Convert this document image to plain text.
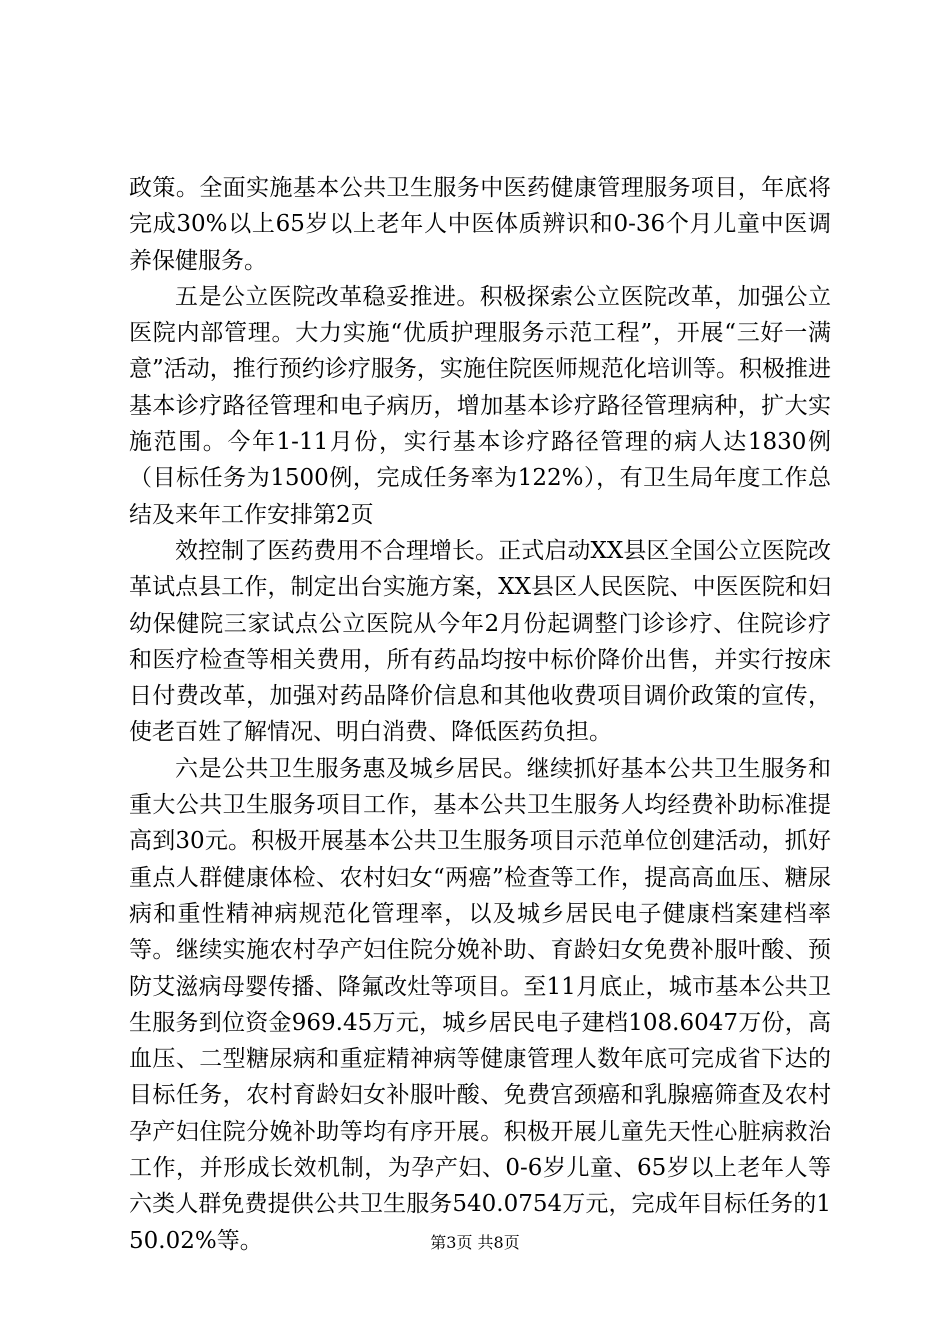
政策。全面实施基本公共卫生服务中医药健康管理服务项目，年底将完成30%以上65岁以上老年人中医体质辨识和0-36个月儿童中医调养保健服务。

五是公立医院改革稳妥推进。积极探索公立医院改革，加强公立医院内部管理。大力实施“优质护理服务示范工程”，开展“三好一满意”活动，推行预约诊疗服务，实施住院医师规范化培训等。积极推进基本诊疗路径管理和电子病历，增加基本诊疗路径管理病种，扩大实施范围。今年1-11月份，实行基本诊疗路径管理的病人达1830例（目标任务为1500例，完成任务率为122%），有卫生局年度工作总结及来年工作安排第2页

效控制了医药费用不合理增长。正式启动XX县区全国公立医院改革试点县工作，制定出台实施方案，XX县区人民医院、中医医院和妇幼保健院三家试点公立医院从今年2月份起调整门诊诊疗、住院诊疗和医疗检查等相关费用，所有药品均按中标价降价出售，并实行按床日付费改革，加强对药品降价信息和其他收费项目调价政策的宣传，使老百姓了解情况、明白消费、降低医药负担。

六是公共卫生服务惠及城乡居民。继续抓好基本公共卫生服务和重大公共卫生服务项目工作，基本公共卫生服务人均经费补助标准提高到30元。积极开展基本公共卫生服务项目示范单位创建活动，抓好重点人群健康体检、农村妇女“两癌”检查等工作，提高高血压、糖尿病和重性精神病规范化管理率，以及城乡居民电子健康档案建档率等。继续实施农村孕产妇住院分娩补助、育龄妇女免费补服叶酸、预防艾滋病母婴传播、降氟改灶等项目。至11月底止，城市基本公共卫生服务到位资金969.45万元，城乡居民电子建档108.6047万份，高血压、二型糖尿病和重症精神病等健康管理人数年底可完成省下达的目标任务，农村育龄妇女补服叶酸、免费宫颈癌和乳腺癌筛查及农村孕产妇住院分娩补助等均有序开展。积极开展儿童先天性心脏病救治工作，并形成长效机制，为孕产妇、0-6岁儿童、65岁以上老年人等六类人群免费提供公共卫生服务540.0754万元，完成年目标任务的150.02%等。	第3页 共8页
